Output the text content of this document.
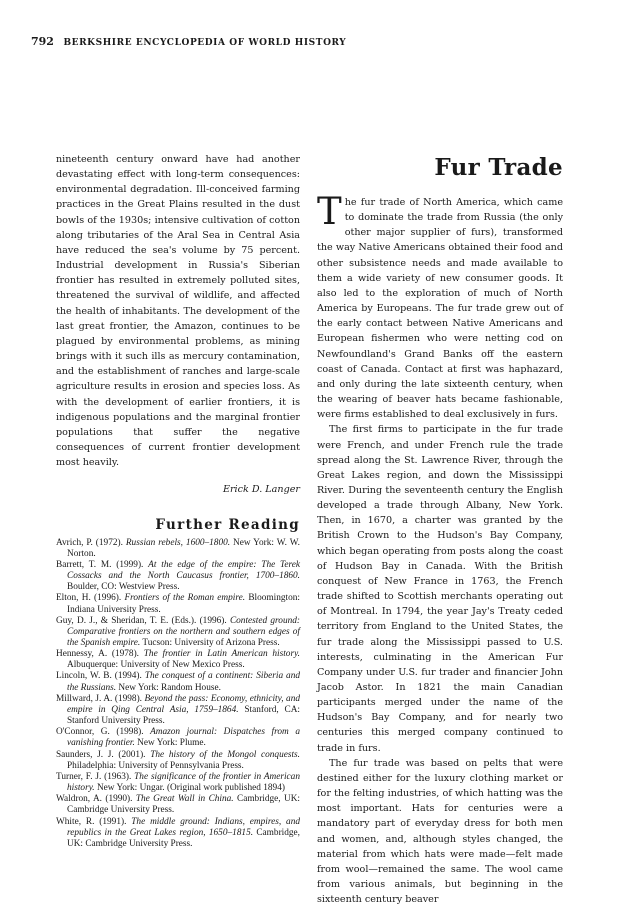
792 BERKSHIRE ENCYCLOPEDIA OF WORLD HISTORY

nineteenth century onward have had another devastating effect with long-term consequences: environmental degradation. Ill-conceived farming practices in the Great Plains resulted in the dust bowls of the 1930s; intensive cultivation of cotton along tributaries of the Aral Sea in Central Asia have reduced the sea's volume by 75 percent. Industrial development in Russia's Siberian frontier has resulted in extremely polluted sites, threatened the survival of wildlife, and affected the health of inhabitants. The development of the last great frontier, the Amazon, continues to be plagued by environmental problems, as mining brings with it such ills as mercury contamination, and the establishment of ranches and large-scale agriculture results in erosion and species loss. As with the development of earlier frontiers, it is indigenous populations and the marginal frontier populations that suffer the negative consequences of current frontier development most heavily.

Erick D. Langer
Further Reading
Avrich, P. (1972). Russian rebels, 1600–1800. New York: W. W. Norton.
Barrett, T. M. (1999). At the edge of the empire: The Terek Cossacks and the North Caucasus frontier, 1700–1860. Boulder, CO: Westview Press.
Elton, H. (1996). Frontiers of the Roman empire. Bloomington: Indiana University Press.
Guy, D. J., & Sheridan, T. E. (Eds.). (1996). Contested ground: Comparative frontiers on the northern and southern edges of the Spanish empire. Tucson: University of Arizona Press.
Hennessy, A. (1978). The frontier in Latin American history. Albuquerque: University of New Mexico Press.
Lincoln, W. B. (1994). The conquest of a continent: Siberia and the Russians. New York: Random House.
Millward, J. A. (1998). Beyond the pass: Economy, ethnicity, and empire in Qing Central Asia, 1759–1864. Stanford, CA: Stanford University Press.
O'Connor, G. (1998). Amazon journal: Dispatches from a vanishing frontier. New York: Plume.
Saunders, J. J. (2001). The history of the Mongol conquests. Philadelphia: University of Pennsylvania Press.
Turner, F. J. (1963). The significance of the frontier in American history. New York: Ungar. (Original work published 1894)
Waldron, A. (1990). The Great Wall in China. Cambridge, UK: Cambridge University Press.
White, R. (1991). The middle ground: Indians, empires, and republics in the Great Lakes region, 1650–1815. Cambridge, UK: Cambridge University Press.
Fur Trade

The fur trade of North America, which came to dominate the trade from Russia (the only other major supplier of furs), transformed the way Native Americans obtained their food and other subsistence needs and made available to them a wide variety of new consumer goods. It also led to the exploration of much of North America by Europeans. The fur trade grew out of the early contact between Native Americans and European fishermen who were netting cod on Newfoundland's Grand Banks off the eastern coast of Canada. Contact at first was haphazard, and only during the late sixteenth century, when the wearing of beaver hats became fashionable, were firms established to deal exclusively in furs.

The first firms to participate in the fur trade were French, and under French rule the trade spread along the St. Lawrence River, through the Great Lakes region, and down the Mississippi River. During the seventeenth century the English developed a trade through Albany, New York. Then, in 1670, a charter was granted by the British Crown to the Hudson's Bay Company, which began operating from posts along the coast of Hudson Bay in Canada. With the British conquest of New France in 1763, the French trade shifted to Scottish merchants operating out of Montreal. In 1794, the year Jay's Treaty ceded territory from England to the United States, the fur trade along the Mississippi passed to U.S. interests, culminating in the American Fur Company under U.S. fur trader and financier John Jacob Astor. In 1821 the main Canadian participants merged under the name of the Hudson's Bay Company, and for nearly two centuries this merged company continued to trade in furs.

The fur trade was based on pelts that were destined either for the luxury clothing market or for the felting industries, of which hatting was the most important. Hats for centuries were a mandatory part of everyday dress for both men and women, and, although styles changed, the material from which hats were made—felt made from wool—remained the same. The wool came from various animals, but beginning in the sixteenth century beaver
